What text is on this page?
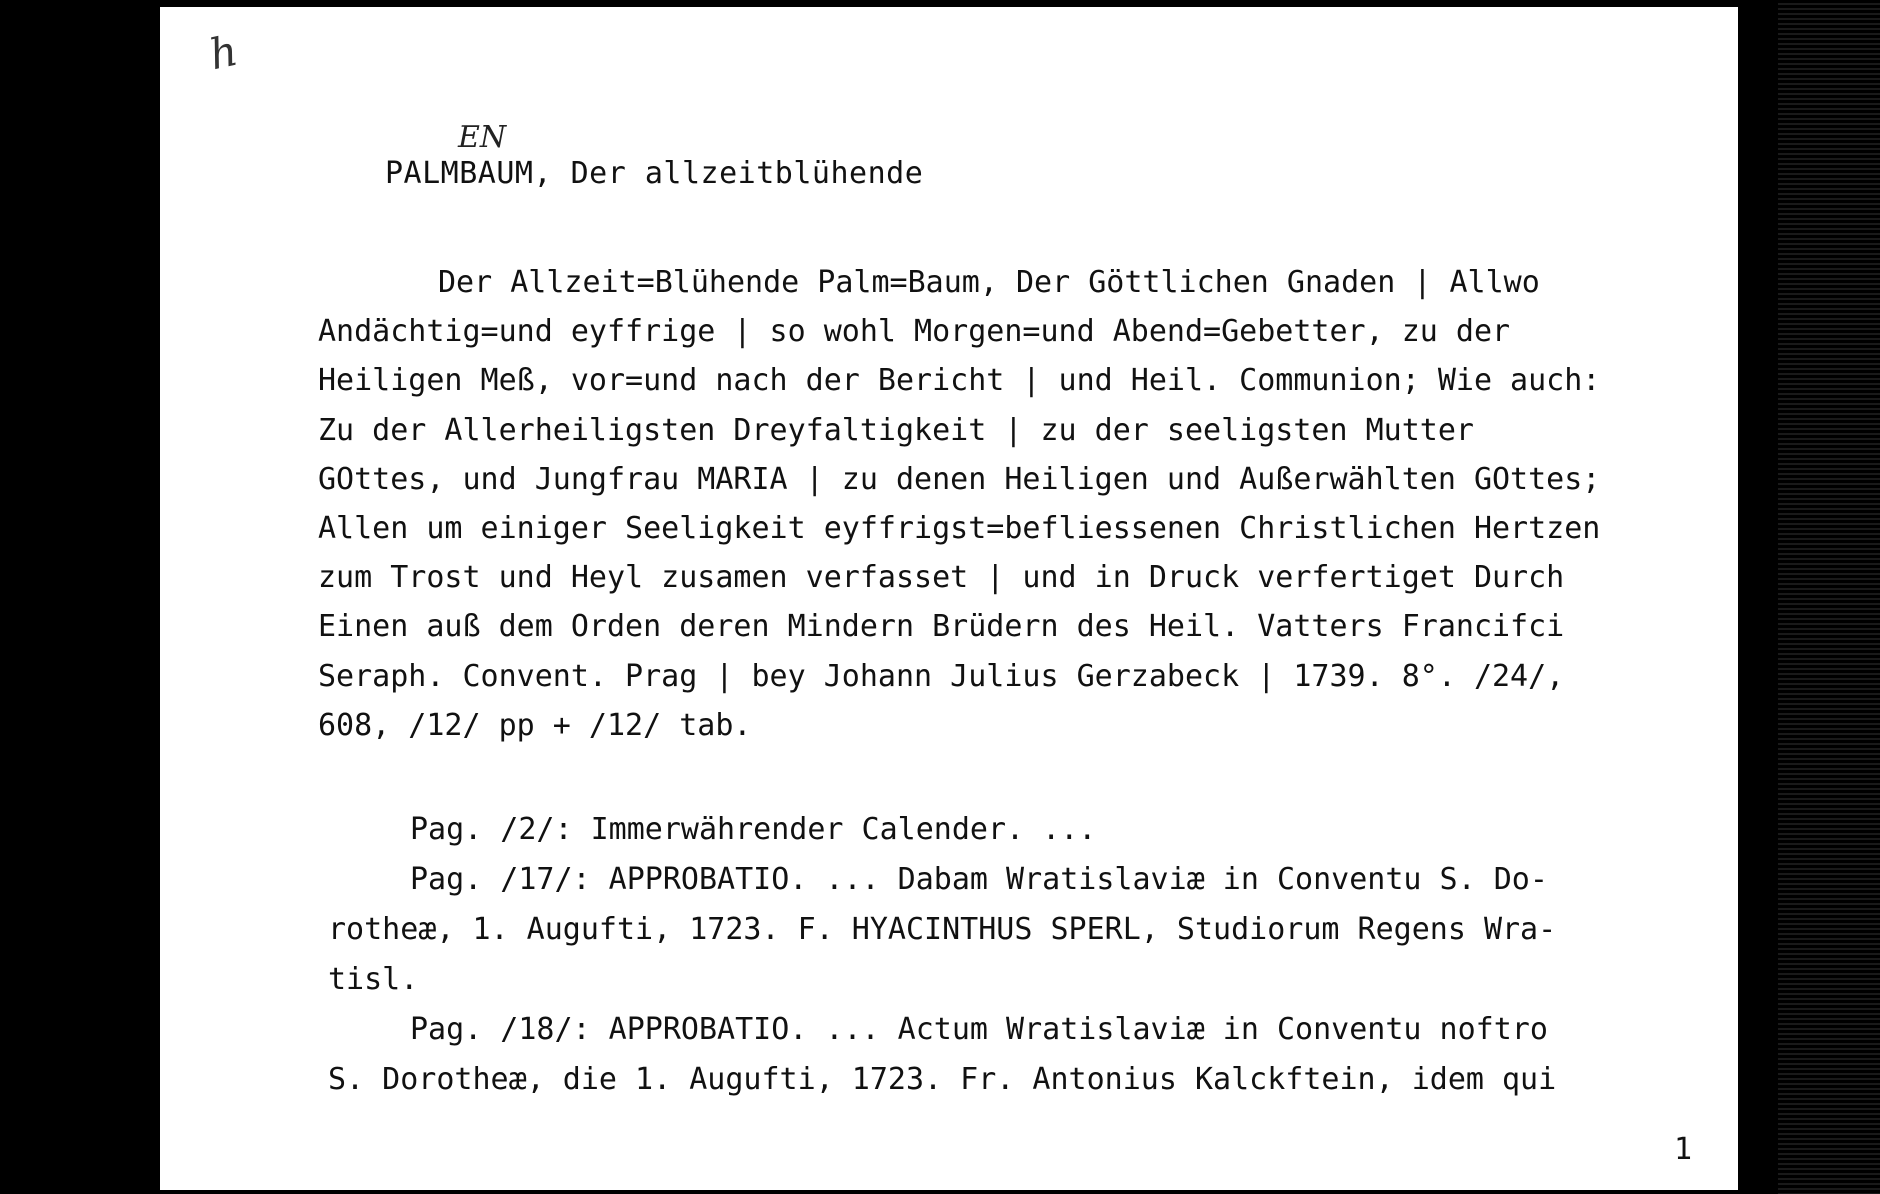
h
EN
PALMBAUM, Der allzeitblühende
Der Allzeit=Blühende Palm=Baum, Der Göttlichen Gnaden | Allwo
Andächtig=und eyffrige | so wohl Morgen=und Abend=Gebetter, zu der
Heiligen Meß, vor=und nach der Bericht | und Heil. Communion; Wie auch:
Zu der Allerheiligsten Dreyfaltigkeit | zu der seeligsten Mutter
GOttes, und Jungfrau MARIA | zu denen Heiligen und Außerwählten GOttes;
Allen um einiger Seeligkeit eyffrigst=befliessenen Christlichen Hertzen
zum Trost und Heyl zusamen verfasset | und in Druck verfertiget Durch
Einen auß dem Orden deren Mindern Brüdern des Heil. Vatters Francifci
Seraph. Convent. Prag | bey Johann Julius Gerzabeck | 1739. 8°. /24/,
608, /12/ pp + /12/ tab.
Pag. /2/: Immerwährender Calender. ...
Pag. /17/: APPROBATIO. ... Dabam Wratislaviæ in Conventu S. Do-
rotheæ, 1. Augufti, 1723. F. HYACINTHUS SPERL, Studiorum Regens Wra-
tisl.
Pag. /18/: APPROBATIO. ... Actum Wratislaviæ in Conventu noftro
S. Dorotheæ, die 1. Augufti, 1723. Fr. Antonius Kalckftein, idem qui
1
